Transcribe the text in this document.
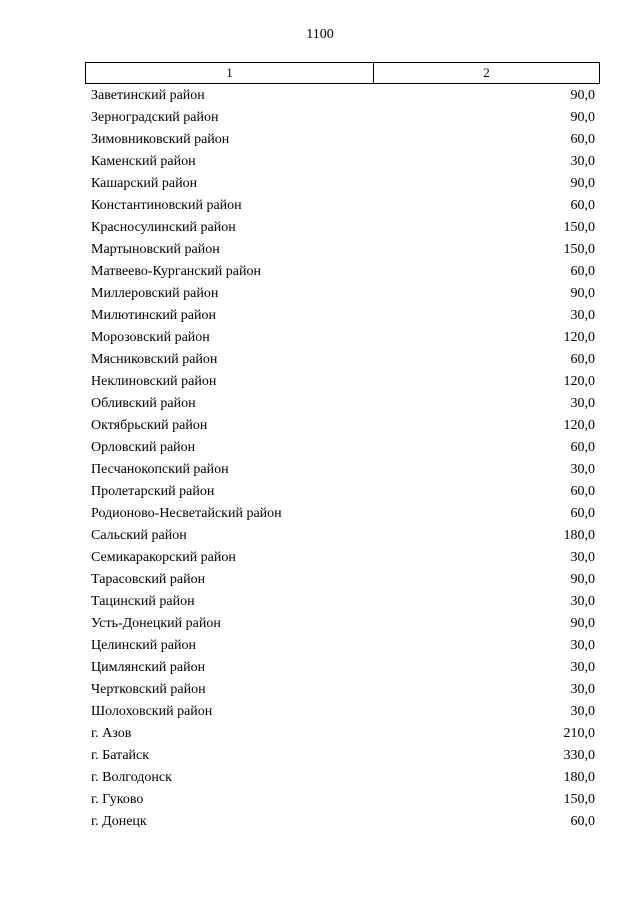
1100
1	2
Заветинский район	90,0
Зерноградский район	90,0
Зимовниковский район	60,0
Каменский район	30,0
Кашарский район	90,0
Константиновский район	60,0
Красносулинский район	150,0
Мартыновский район	150,0
Матвеево-Курганский район	60,0
Миллеровский район	90,0
Милютинский район	30,0
Морозовский район	120,0
Мясниковский район	60,0
Неклиновский район	120,0
Обливский район	30,0
Октябрьский район	120,0
Орловский район	60,0
Песчанокопский район	30,0
Пролетарский район	60,0
Родионово-Несветайский район	60,0
Сальский район	180,0
Семикаракорский район	30,0
Тарасовский район	90,0
Тацинский район	30,0
Усть-Донецкий район	90,0
Целинский район	30,0
Цимлянский район	30,0
Чертковский район	30,0
Шолоховский район	30,0
г. Азов	210,0
г. Батайск	330,0
г. Волгодонск	180,0
г. Гуково	150,0
г. Донецк	60,0
